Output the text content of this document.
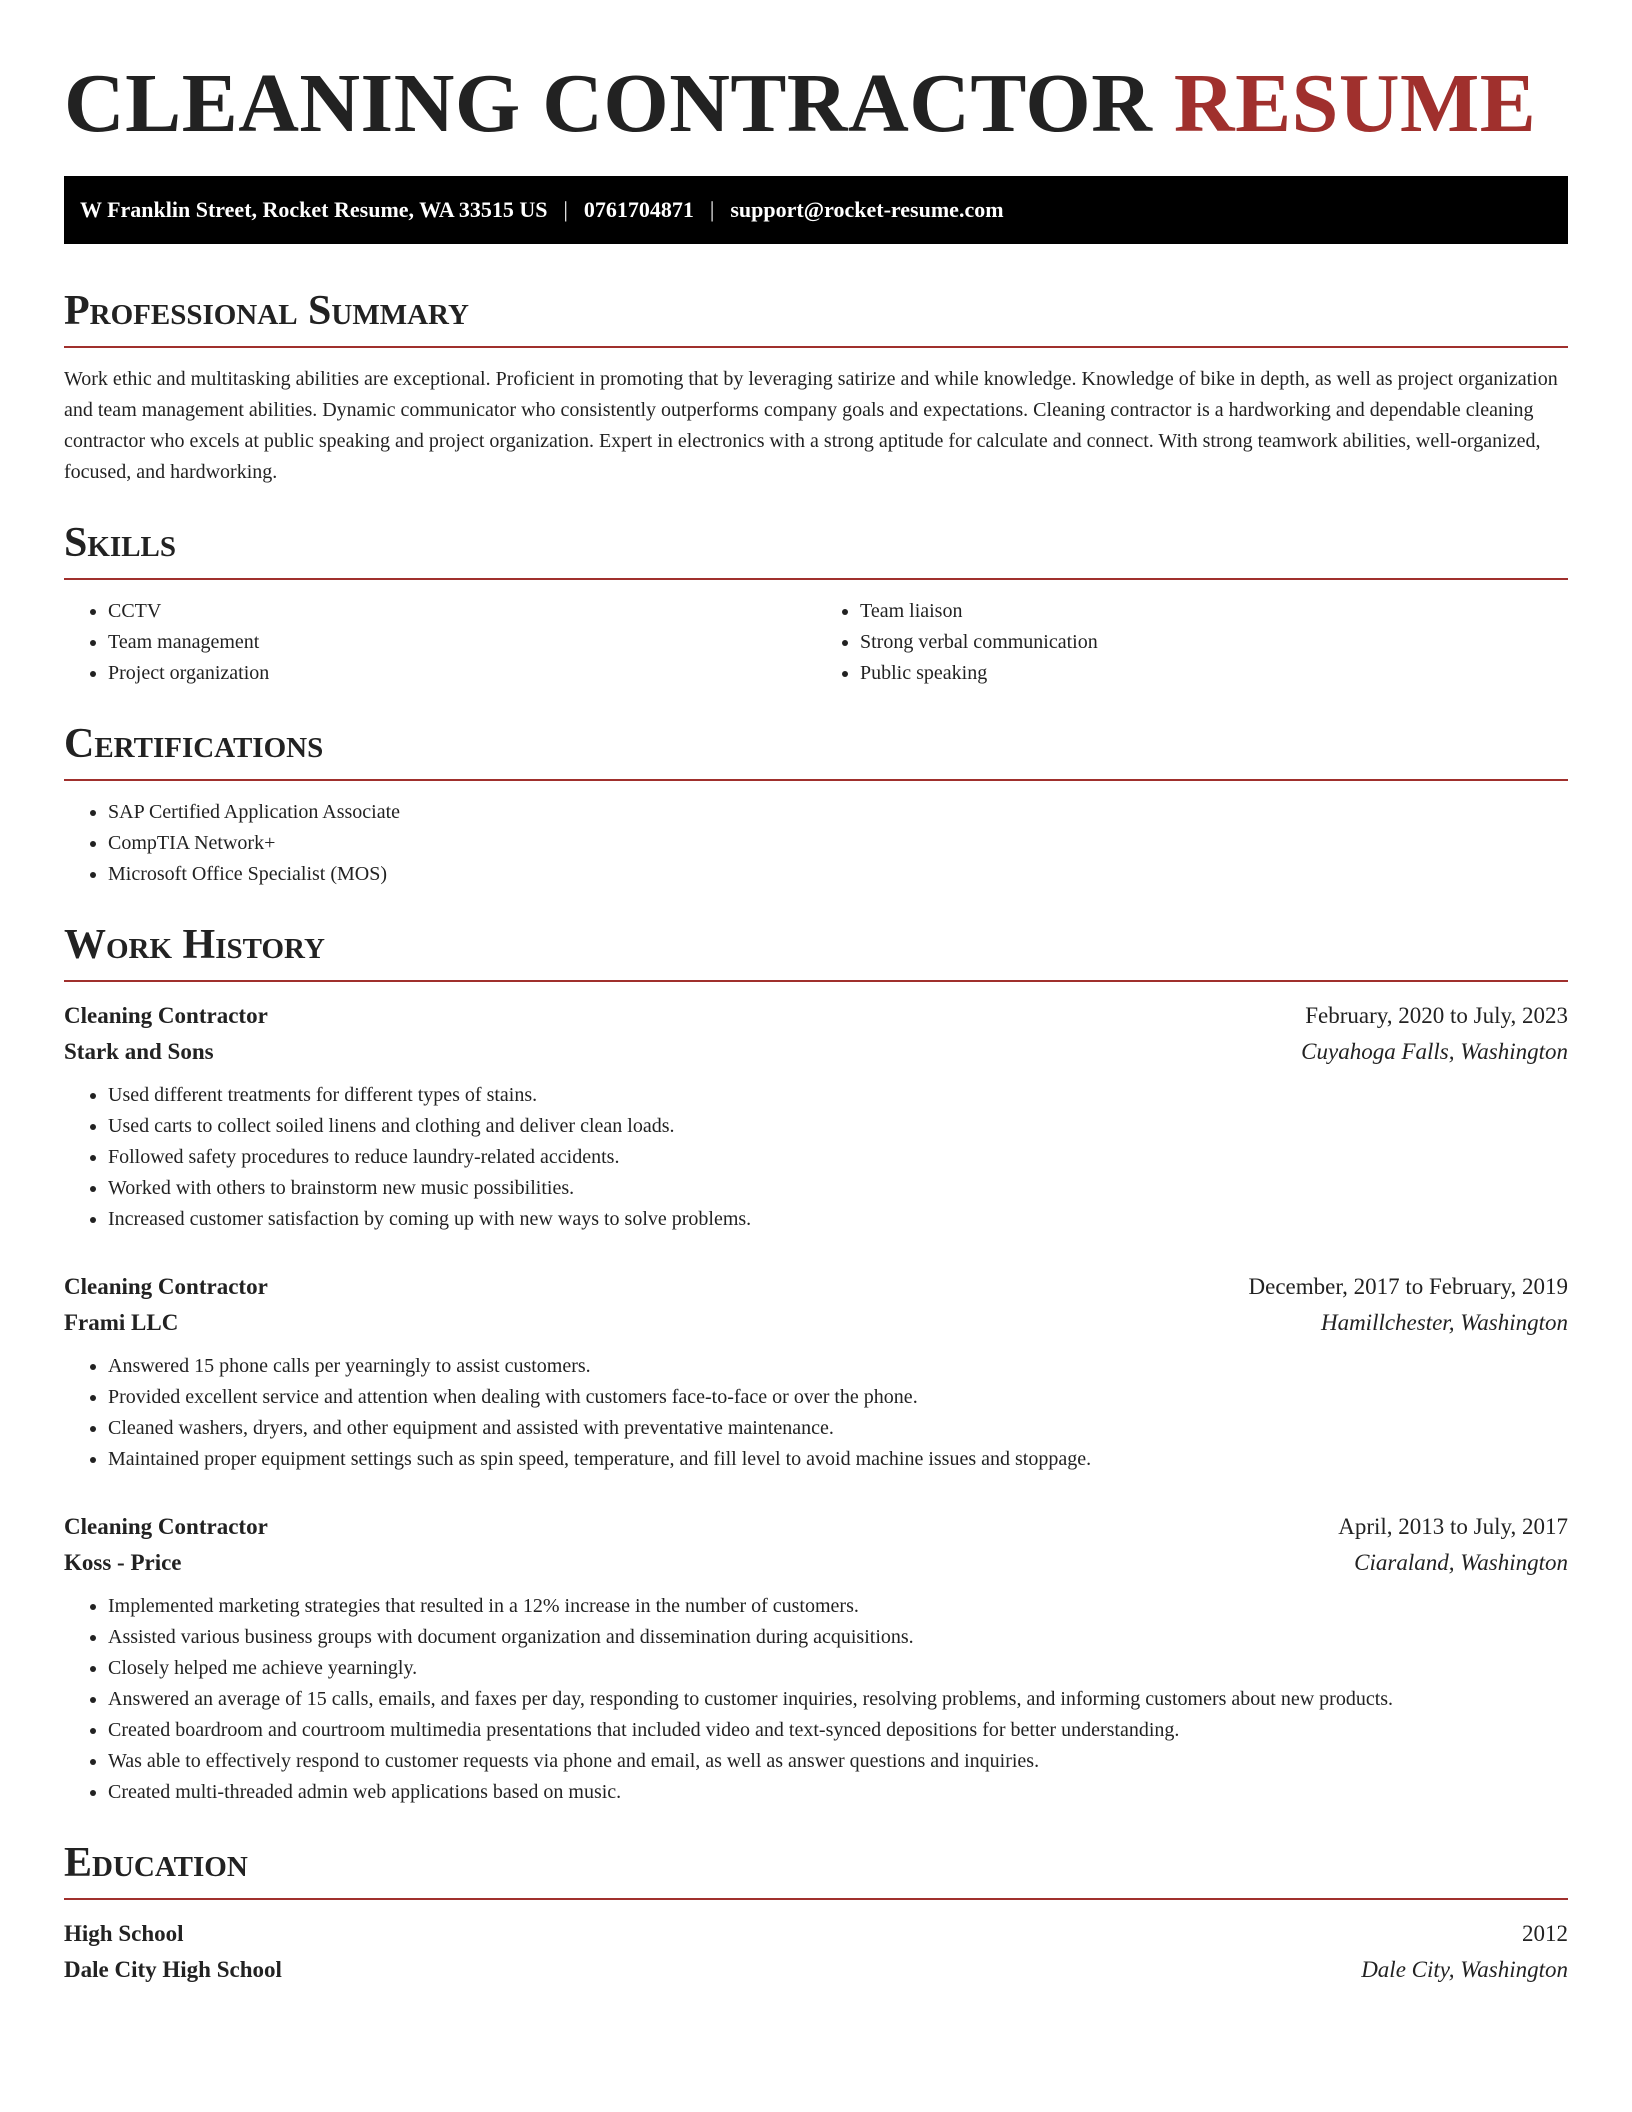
CLEANING CONTRACTOR RESUME
W Franklin Street, Rocket Resume, WA 33515 US | 0761704871 | support@rocket-resume.com
Professional Summary

Work ethic and multitasking abilities are exceptional. Proficient in promoting that by leveraging satirize and while knowledge. Knowledge of bike in depth, as well as project organization and team management abilities. Dynamic communicator who consistently outperforms company goals and expectations. Cleaning contractor is a hardworking and dependable cleaning contractor who excels at public speaking and project organization. Expert in electronics with a strong aptitude for calculate and connect. With strong teamwork abilities, well-organized, focused, and hardworking.

Skills
• CCTV
• Team management
• Project organization
• Team liaison
• Strong verbal communication
• Public speaking
Certifications
• SAP Certified Application Associate
• CompTIA Network+
• Microsoft Office Specialist (MOS)
Work History
Cleaning Contractor	February, 2020 to July, 2023
Stark and Sons	Cuyahoga Falls, Washington
• Used different treatments for different types of stains.
• Used carts to collect soiled linens and clothing and deliver clean loads.
• Followed safety procedures to reduce laundry-related accidents.
• Worked with others to brainstorm new music possibilities.
• Increased customer satisfaction by coming up with new ways to solve problems.
Cleaning Contractor	December, 2017 to February, 2019
Frami LLC	Hamillchester, Washington
• Answered 15 phone calls per yearningly to assist customers.
• Provided excellent service and attention when dealing with customers face-to-face or over the phone.
• Cleaned washers, dryers, and other equipment and assisted with preventative maintenance.
• Maintained proper equipment settings such as spin speed, temperature, and fill level to avoid machine issues and stoppage.
Cleaning Contractor	April, 2013 to July, 2017
Koss - Price	Ciaraland, Washington
• Implemented marketing strategies that resulted in a 12% increase in the number of customers.
• Assisted various business groups with document organization and dissemination during acquisitions.
• Closely helped me achieve yearningly.
• Answered an average of 15 calls, emails, and faxes per day, responding to customer inquiries, resolving problems, and informing customers about new products.
• Created boardroom and courtroom multimedia presentations that included video and text-synced depositions for better understanding.
• Was able to effectively respond to customer requests via phone and email, as well as answer questions and inquiries.
• Created multi-threaded admin web applications based on music.
Education
High School	2012
Dale City High School	Dale City, Washington
